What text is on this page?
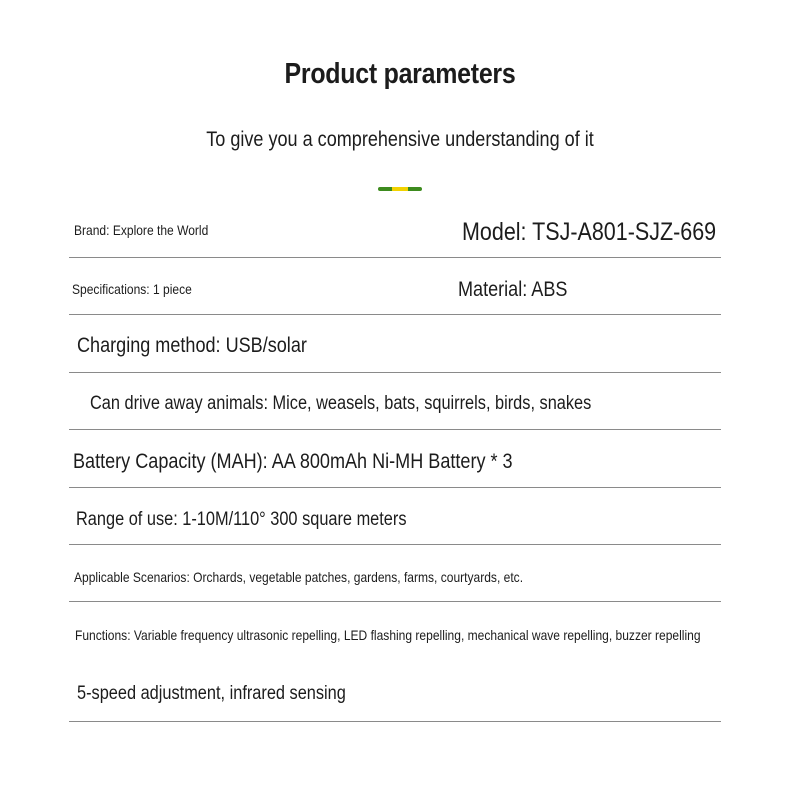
Product parameters
To give you a comprehensive understanding of it
Brand: Explore the World	Model: TSJ-A801-SJZ-669
Specifications: 1 piece	Material: ABS
Charging method: USB/solar
Can drive away animals: Mice, weasels, bats, squirrels, birds, snakes
Battery Capacity (MAH): AA 800mAh Ni-MH Battery * 3
Range of use: 1-10M/110° 300 square meters
Applicable Scenarios: Orchards, vegetable patches, gardens, farms, courtyards, etc.
Functions: Variable frequency ultrasonic repelling, LED flashing repelling, mechanical wave repelling, buzzer repelling
5-speed adjustment, infrared sensing
